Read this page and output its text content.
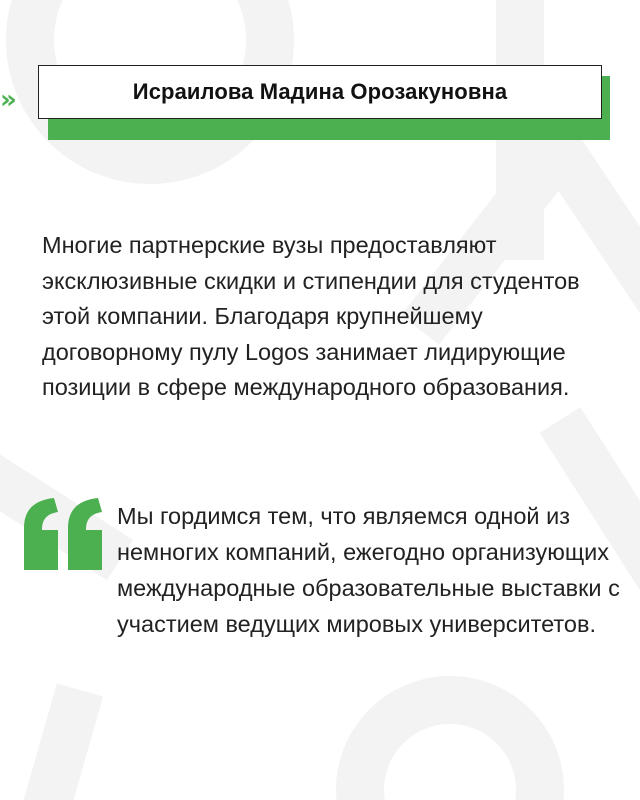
»	Исраилова Мадина Орозакуновна
Многие партнерские вузы предоставляют эксклюзивные скидки и стипендии для студентов этой компании. Благодаря крупнейшему договорному пулу Logos занимает лидирующие позиции в сфере международного образования.
Мы гордимся тем, что являемся одной из немногих компаний, ежегодно организующих международные образовательные выставки с участием ведущих мировых университетов.
